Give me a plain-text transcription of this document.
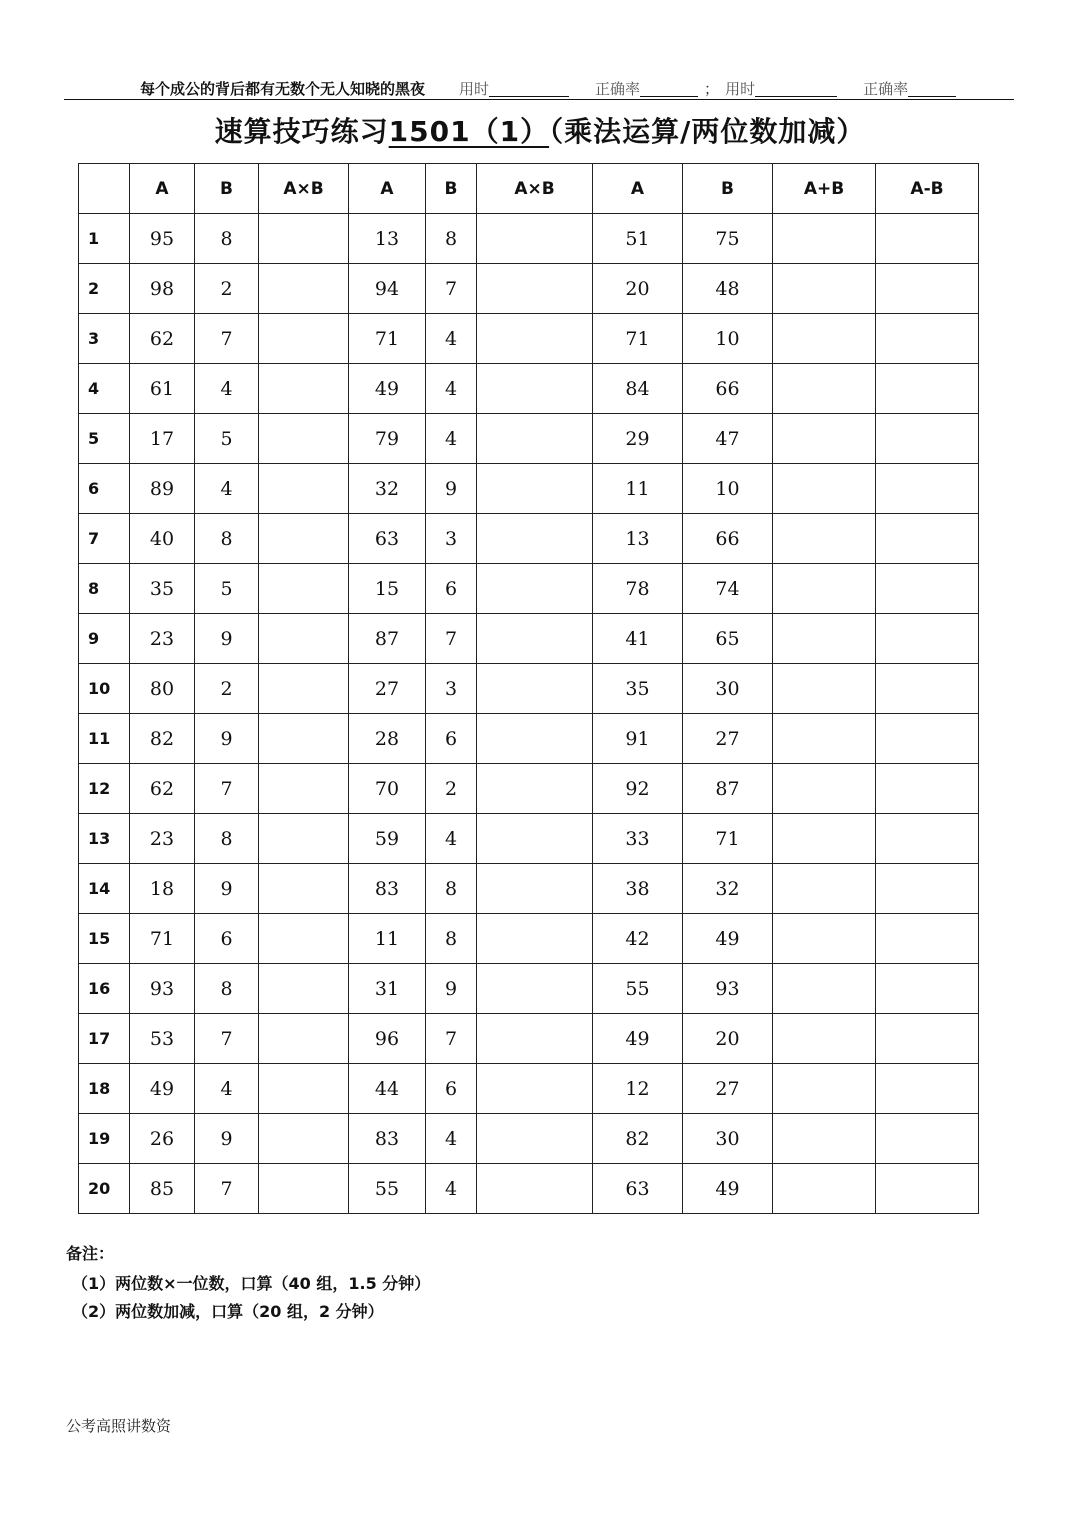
每个成公的背后都有无数个无人知晓的黑夜 用时	正确率	； 用时	正确率
速算技巧练习1501（1）（乘法运算/两位数加减）
	A	B	A×B	A	B	A×B	A	B	A+B	A-B
1	95	8		13	8		51	75		
2	98	2		94	7		20	48		
3	62	7		71	4		71	10		
4	61	4		49	4		84	66		
5	17	5		79	4		29	47		
6	89	4		32	9		11	10		
7	40	8		63	3		13	66		
8	35	5		15	6		78	74		
9	23	9		87	7		41	65		
10	80	2		27	3		35	30		
11	82	9		28	6		91	27		
12	62	7		70	2		92	87		
13	23	8		59	4		33	71		
14	18	9		83	8		38	32		
15	71	6		11	8		42	49		
16	93	8		31	9		55	93		
17	53	7		96	7		49	20		
18	49	4		44	6		12	27		
19	26	9		83	4		82	30		
20	85	7		55	4		63	49		
备注：
（1）两位数×一位数，口算（40 组，1.5 分钟）
（2）两位数加减，口算（20 组，2 分钟）
公考高照讲数资
